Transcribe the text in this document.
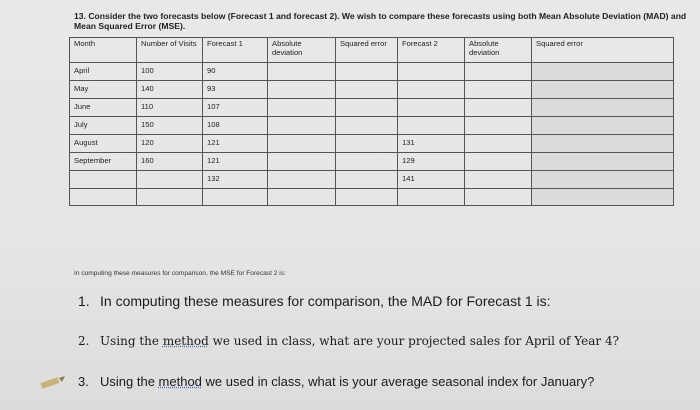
13. Consider the two forecasts below (Forecast 1 and forecast 2). We wish to compare these forecasts using both Mean Absolute Deviation (MAD) and Mean Squared Error (MSE).
Month	Number of Visits	Forecast 1	Absolute deviation	Squared error	Forecast 2	Absolute deviation	Squared error
April	100	90					
May	140	93					
June	110	107					
July	150	108					
August	120	121			131		
September	160	121			129		
		132			141		

In computing these measures for comparison, the MSE for Forecast 2 is:
1. In computing these measures for comparison, the MAD for Forecast 1 is:
2. Using the method we used in class, what are your projected sales for April of Year 4?
3. Using the method we used in class, what is your average seasonal index for January?
